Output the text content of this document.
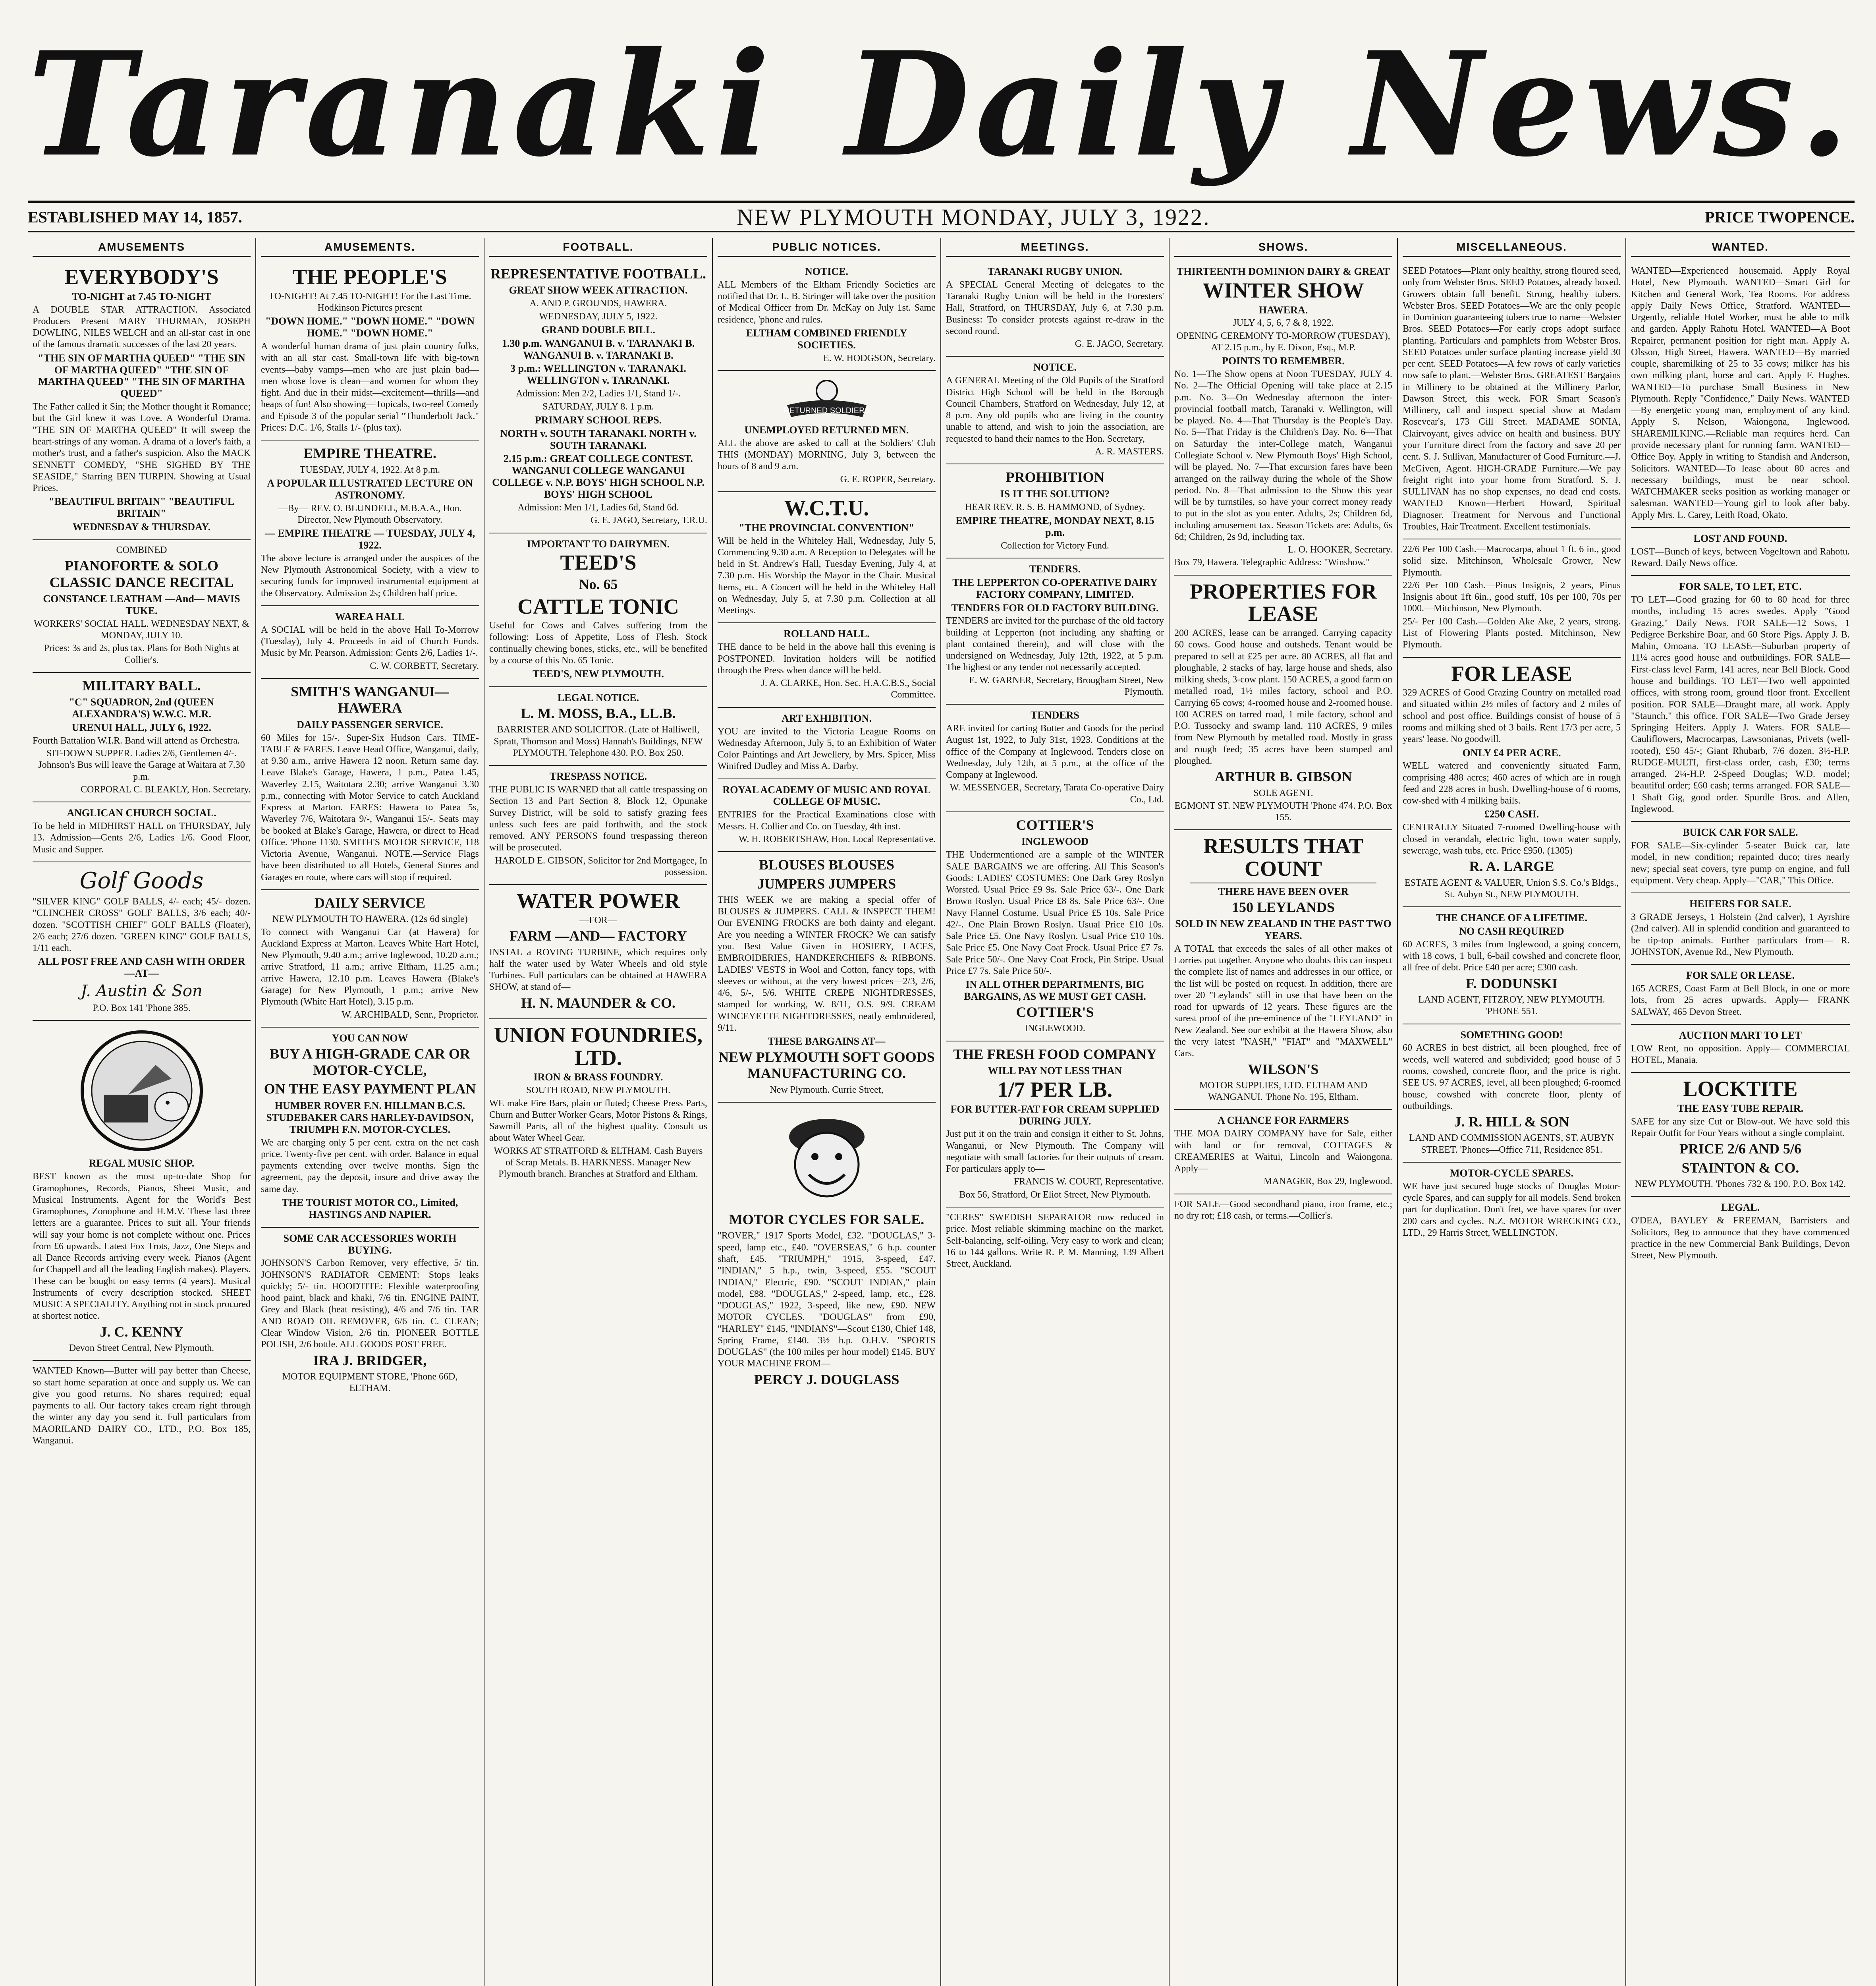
Taranaki Daily News.
ESTABLISHED MAY 14, 1857.	NEW PLYMOUTH MONDAY, JULY 3, 1922.	PRICE TWOPENCE.
AMUSEMENTS
EVERYBODY'S
TO-NIGHT at 7.45 TO-NIGHT
A DOUBLE STAR ATTRACTION. Associated Producers Present MARY THURMAN, JOSEPH DOWLING, NILES WELCH and an all-star cast in one of the famous dramatic successes of the last 20 years.
"THE SIN OF MARTHA QUEED" "THE SIN OF MARTHA QUEED" "THE SIN OF MARTHA QUEED" "THE SIN OF MARTHA QUEED"
The Father called it Sin; the Mother thought it Romance; but the Girl knew it was Love. A Wonderful Drama. "THE SIN OF MARTHA QUEED" It will sweep the heart-strings of any woman. A drama of a lover's faith, a mother's trust, and a father's suspicion. Also the MACK SENNETT COMEDY, "SHE SIGHED BY THE SEASIDE," Starring BEN TURPIN. Showing at Usual Prices.
"BEAUTIFUL BRITAIN" "BEAUTIFUL BRITAIN"
WEDNESDAY & THURSDAY.
COMBINED
PIANOFORTE & SOLO CLASSIC DANCE RECITAL
CONSTANCE LEATHAM —And— MAVIS TUKE.
WORKERS' SOCIAL HALL. WEDNESDAY NEXT, & MONDAY, JULY 10.
Prices: 3s and 2s, plus tax. Plans for Both Nights at Collier's.
MILITARY BALL.
"C" SQUADRON, 2nd (QUEEN ALEXANDRA'S) W.W.C. M.R.
URENUI HALL, JULY 6, 1922.
Fourth Battalion W.I.R. Band will attend as Orchestra.
SIT-DOWN SUPPER. Ladies 2/6, Gentlemen 4/-. Johnson's Bus will leave the Garage at Waitara at 7.30 p.m.
CORPORAL C. BLEAKLY, Hon. Secretary.
ANGLICAN CHURCH SOCIAL.
To be held in MIDHIRST HALL on THURSDAY, July 13. Admission—Gents 2/6, Ladies 1/6. Good Floor, Music and Supper.
Golf Goods
"SILVER KING" GOLF BALLS, 4/- each; 45/- dozen. "CLINCHER CROSS" GOLF BALLS, 3/6 each; 40/- dozen. "SCOTTISH CHIEF" GOLF BALLS (Floater), 2/6 each; 27/6 dozen. "GREEN KING" GOLF BALLS, 1/11 each.
ALL POST FREE AND CASH WITH ORDER —AT—
J. Austin & Son
P.O. Box 141 'Phone 385.
REGAL MUSIC SHOP.
BEST known as the most up-to-date Shop for Gramophones, Records, Pianos, Sheet Music, and Musical Instruments. Agent for the World's Best Gramophones, Zonophone and H.M.V. These last three letters are a guarantee. Prices to suit all. Your friends will say your home is not complete without one. Prices from £6 upwards. Latest Fox Trots, Jazz, One Steps and all Dance Records arriving every week. Pianos (Agent for Chappell and all the leading English makes). Players. These can be bought on easy terms (4 years). Musical Instruments of every description stocked. SHEET MUSIC A SPECIALITY. Anything not in stock procured at shortest notice.
J. C. KENNY
Devon Street Central, New Plymouth.
WANTED Known—Butter will pay better than Cheese, so start home separation at once and supply us. We can give you good returns. No shares required; equal payments to all. Our factory takes cream right through the winter any day you send it. Full particulars from MAORILAND DAIRY CO., LTD., P.O. Box 185, Wanganui.
AMUSEMENTS.
THE PEOPLE'S
TO-NIGHT! At 7.45 TO-NIGHT! For the Last Time. Hodkinson Pictures present
"DOWN HOME." "DOWN HOME." "DOWN HOME." "DOWN HOME."
A wonderful human drama of just plain country folks, with an all star cast. Small-town life with big-town events—baby vamps—men who are just plain bad—men whose love is clean—and women for whom they fight. And due in their midst—excitement—thrills—and heaps of fun! Also showing—Topicals, two-reel Comedy and Episode 3 of the popular serial "Thunderbolt Jack." Prices: D.C. 1/6, Stalls 1/- (plus tax).
EMPIRE THEATRE.
TUESDAY, JULY 4, 1922. At 8 p.m.
A POPULAR ILLUSTRATED LECTURE ON ASTRONOMY.
—By— REV. O. BLUNDELL, M.B.A.A., Hon. Director, New Plymouth Observatory.
— EMPIRE THEATRE — TUESDAY, JULY 4, 1922.
The above lecture is arranged under the auspices of the New Plymouth Astronomical Society, with a view to securing funds for improved instrumental equipment at the Observatory. Admission 2s; Children half price.
WAREA HALL
A SOCIAL will be held in the above Hall To-Morrow (Tuesday), July 4. Proceeds in aid of Church Funds. Music by Mr. Pearson. Admission: Gents 2/6, Ladies 1/-.
C. W. CORBETT, Secretary.
SMITH'S WANGANUI—HAWERA
DAILY PASSENGER SERVICE.
60 Miles for 15/-. Super-Six Hudson Cars. TIME-TABLE & FARES. Leave Head Office, Wanganui, daily, at 9.30 a.m., arrive Hawera 12 noon. Return same day. Leave Blake's Garage, Hawera, 1 p.m., Patea 1.45, Waverley 2.15, Waitotara 2.30; arrive Wanganui 3.30 p.m., connecting with Motor Service to catch Auckland Express at Marton. FARES: Hawera to Patea 5s, Waverley 7/6, Waitotara 9/-, Wanganui 15/-. Seats may be booked at Blake's Garage, Hawera, or direct to Head Office. 'Phone 1130. SMITH'S MOTOR SERVICE, 118 Victoria Avenue, Wanganui. NOTE.—Service Flags have been distributed to all Hotels, General Stores and Garages en route, where cars will stop if required.
DAILY SERVICE
NEW PLYMOUTH TO HAWERA. (12s 6d single)
To connect with Wanganui Car (at Hawera) for Auckland Express at Marton. Leaves White Hart Hotel, New Plymouth, 9.40 a.m.; arrive Inglewood, 10.20 a.m.; arrive Stratford, 11 a.m.; arrive Eltham, 11.25 a.m.; arrive Hawera, 12.10 p.m. Leaves Hawera (Blake's Garage) for New Plymouth, 1 p.m.; arrive New Plymouth (White Hart Hotel), 3.15 p.m.
W. ARCHIBALD, Senr., Proprietor.
YOU CAN NOW
BUY A HIGH-GRADE CAR OR MOTOR-CYCLE,
ON THE EASY PAYMENT PLAN
HUMBER ROVER F.N. HILLMAN B.C.S. STUDEBAKER CARS HARLEY-DAVIDSON, TRIUMPH F.N. MOTOR-CYCLES.
We are charging only 5 per cent. extra on the net cash price. Twenty-five per cent. with order. Balance in equal payments extending over twelve months. Sign the agreement, pay the deposit, insure and drive away the same day.
THE TOURIST MOTOR CO., Limited, HASTINGS AND NAPIER.
SOME CAR ACCESSORIES WORTH BUYING.
JOHNSON'S Carbon Remover, very effective, 5/ tin. JOHNSON'S RADIATOR CEMENT: Stops leaks quickly; 5/- tin. HOODTITE: Flexible waterproofing hood paint, black and khaki, 7/6 tin. ENGINE PAINT, Grey and Black (heat resisting), 4/6 and 7/6 tin. TAR AND ROAD OIL REMOVER, 6/6 tin. C. CLEAN; Clear Window Vision, 2/6 tin. PIONEER BOTTLE POLISH, 2/6 bottle. ALL GOODS POST FREE.
IRA J. BRIDGER,
MOTOR EQUIPMENT STORE, 'Phone 66D, ELTHAM.
FOOTBALL.
REPRESENTATIVE FOOTBALL.
GREAT SHOW WEEK ATTRACTION.
A. AND P. GROUNDS, HAWERA.
WEDNESDAY, JULY 5, 1922.
GRAND DOUBLE BILL.
1.30 p.m. WANGANUI B. v. TARANAKI B. WANGANUI B. v. TARANAKI B.
3 p.m.: WELLINGTON v. TARANAKI. WELLINGTON v. TARANAKI.
Admission: Men 2/2, Ladies 1/1, Stand 1/-.
SATURDAY, JULY 8. 1 p.m.
PRIMARY SCHOOL REPS.
NORTH v. SOUTH TARANAKI. NORTH v. SOUTH TARANAKI.
2.15 p.m.: GREAT COLLEGE CONTEST. WANGANUI COLLEGE WANGANUI COLLEGE v. N.P. BOYS' HIGH SCHOOL N.P. BOYS' HIGH SCHOOL
Admission: Men 1/1, Ladies 6d, Stand 6d.
G. E. JAGO, Secretary, T.R.U.
IMPORTANT TO DAIRYMEN.
TEED'S
No. 65
CATTLE TONIC
Useful for Cows and Calves suffering from the following: Loss of Appetite, Loss of Flesh. Stock continually chewing bones, sticks, etc., will be benefited by a course of this No. 65 Tonic.
TEED'S, NEW PLYMOUTH.
LEGAL NOTICE.
L. M. MOSS, B.A., LL.B.
BARRISTER AND SOLICITOR. (Late of Halliwell, Spratt, Thomson and Moss) Hannah's Buildings, NEW PLYMOUTH. Telephone 430. P.O. Box 250.
TRESPASS NOTICE.
THE PUBLIC IS WARNED that all cattle trespassing on Section 13 and Part Section 8, Block 12, Opunake Survey District, will be sold to satisfy grazing fees unless such fees are paid forthwith, and the stock removed. ANY PERSONS found trespassing thereon will be prosecuted.
HAROLD E. GIBSON, Solicitor for 2nd Mortgagee, In possession.
WATER POWER
—FOR—
FARM —AND— FACTORY
INSTAL a ROVING TURBINE, which requires only half the water used by Water Wheels and old style Turbines. Full particulars can be obtained at HAWERA SHOW, at stand of—
H. N. MAUNDER & CO.
UNION FOUNDRIES, LTD.
IRON & BRASS FOUNDRY.
SOUTH ROAD, NEW PLYMOUTH.
WE make Fire Bars, plain or fluted; Cheese Press Parts, Churn and Butter Worker Gears, Motor Pistons & Rings, Sawmill Parts, all of the highest quality. Consult us about Water Wheel Gear.
WORKS AT STRATFORD & ELTHAM. Cash Buyers of Scrap Metals. B. HARKNESS. Manager New Plymouth branch. Branches at Stratford and Eltham.
PUBLIC NOTICES.
NOTICE.
ALL Members of the Eltham Friendly Societies are notified that Dr. L. B. Stringer will take over the position of Medical Officer from Dr. McKay on July 1st. Same residence, 'phone and rules.
ELTHAM COMBINED FRIENDLY SOCIETIES.
E. W. HODGSON, Secretary.
RETURNED SOLDIERS
UNEMPLOYED RETURNED MEN.
ALL the above are asked to call at the Soldiers' Club THIS (MONDAY) MORNING, July 3, between the hours of 8 and 9 a.m.
G. E. ROPER, Secretary.
W.C.T.U.
"THE PROVINCIAL CONVENTION"
Will be held in the Whiteley Hall, Wednesday, July 5, Commencing 9.30 a.m. A Reception to Delegates will be held in St. Andrew's Hall, Tuesday Evening, July 4, at 7.30 p.m. His Worship the Mayor in the Chair. Musical Items, etc. A Concert will be held in the Whiteley Hall on Wednesday, July 5, at 7.30 p.m. Collection at all Meetings.
ROLLAND HALL.
THE dance to be held in the above hall this evening is POSTPONED. Invitation holders will be notified through the Press when dance will be held.
J. A. CLARKE, Hon. Sec. H.A.C.B.S., Social Committee.
ART EXHIBITION.
YOU are invited to the Victoria League Rooms on Wednesday Afternoon, July 5, to an Exhibition of Water Color Paintings and Art Jewellery, by Mrs. Spicer, Miss Winifred Dudley and Miss A. Darby.
ROYAL ACADEMY OF MUSIC AND ROYAL COLLEGE OF MUSIC.
ENTRIES for the Practical Examinations close with Messrs. H. Collier and Co. on Tuesday, 4th inst.
W. H. ROBERTSHAW, Hon. Local Representative.
BLOUSES BLOUSES
JUMPERS JUMPERS
THIS WEEK we are making a special offer of BLOUSES & JUMPERS. CALL & INSPECT THEM! Our EVENING FROCKS are both dainty and elegant. Are you needing a WINTER FROCK? We can satisfy you. Best Value Given in HOSIERY, LACES, EMBROIDERIES, HANDKERCHIEFS & RIBBONS. LADIES' VESTS in Wool and Cotton, fancy tops, with sleeves or without, at the very lowest prices—2/3, 2/6, 4/6, 5/-, 5/6. WHITE CREPE NIGHTDRESSES, stamped for working, W. 8/11, O.S. 9/9. CREAM WINCEYETTE NIGHTDRESSES, neatly embroidered, 9/11.
THESE BARGAINS AT—
NEW PLYMOUTH SOFT GOODS MANUFACTURING CO.
New Plymouth. Currie Street,
MOTOR CYCLES FOR SALE.
"ROVER," 1917 Sports Model, £32. "DOUGLAS," 3-speed, lamp etc., £40. "OVERSEAS," 6 h.p. counter shaft, £45. "TRIUMPH," 1915, 3-speed, £47. "INDIAN," 5 h.p., twin, 3-speed, £55. "SCOUT INDIAN," Electric, £90. "SCOUT INDIAN," plain model, £88. "DOUGLAS," 2-speed, lamp, etc., £28. "DOUGLAS," 1922, 3-speed, like new, £90. NEW MOTOR CYCLES. "DOUGLAS" from £90, "HARLEY" £145, "INDIANS"—Scout £130, Chief 148, Spring Frame, £140. 3½ h.p. O.H.V. "SPORTS DOUGLAS" (the 100 miles per hour model) £145. BUY YOUR MACHINE FROM—
PERCY J. DOUGLASS
MEETINGS.
TARANAKI RUGBY UNION.
A SPECIAL General Meeting of delegates to the Taranaki Rugby Union will be held in the Foresters' Hall, Stratford, on THURSDAY, July 6, at 7.30 p.m. Business: To consider protests against re-draw in the second round.
G. E. JAGO, Secretary.
NOTICE.
A GENERAL Meeting of the Old Pupils of the Stratford District High School will be held in the Borough Council Chambers, Stratford on Wednesday, July 12, at 8 p.m. Any old pupils who are living in the country unable to attend, and wish to join the association, are requested to hand their names to the Hon. Secretary,
A. R. MASTERS.
PROHIBITION
IS IT THE SOLUTION?
HEAR REV. R. S. B. HAMMOND, of Sydney.
EMPIRE THEATRE, MONDAY NEXT, 8.15 p.m.
Collection for Victory Fund.
TENDERS.
THE LEPPERTON CO-OPERATIVE DAIRY FACTORY COMPANY, LIMITED.
TENDERS FOR OLD FACTORY BUILDING.
TENDERS are invited for the purchase of the old factory building at Lepperton (not including any shafting or plant contained therein), and will close with the undersigned on Wednesday, July 12th, 1922, at 5 p.m. The highest or any tender not necessarily accepted.
E. W. GARNER, Secretary, Brougham Street, New Plymouth.
TENDERS
ARE invited for carting Butter and Goods for the period August 1st, 1922, to July 31st, 1923. Conditions at the office of the Company at Inglewood. Tenders close on Wednesday, July 12th, at 5 p.m., at the office of the Company at Inglewood.
W. MESSENGER, Secretary, Tarata Co-operative Dairy Co., Ltd.
COTTIER'S
INGLEWOOD
THE Undermentioned are a sample of the WINTER SALE BARGAINS we are offering. All This Season's Goods: LADIES' COSTUMES: One Dark Grey Roslyn Worsted. Usual Price £9 9s. Sale Price 63/-. One Dark Brown Roslyn. Usual Price £8 8s. Sale Price 63/-. One Navy Flannel Costume. Usual Price £5 10s. Sale Price 42/-. One Plain Brown Roslyn. Usual Price £10 10s. Sale Price £5. One Navy Roslyn. Usual Price £10 10s. Sale Price £5. One Navy Coat Frock. Usual Price £7 7s. Sale Price 50/-. One Navy Coat Frock, Pin Stripe. Usual Price £7 7s. Sale Price 50/-.
IN ALL OTHER DEPARTMENTS, BIG BARGAINS, AS WE MUST GET CASH.
COTTIER'S
INGLEWOOD.
THE FRESH FOOD COMPANY
WILL PAY NOT LESS THAN
1/7 PER LB.
FOR BUTTER-FAT FOR CREAM SUPPLIED DURING JULY.
Just put it on the train and consign it either to St. Johns, Wanganui, or New Plymouth. The Company will negotiate with small factories for their outputs of cream. For particulars apply to—
FRANCIS W. COURT, Representative.
Box 56, Stratford, Or Eliot Street, New Plymouth.
"CERES" SWEDISH SEPARATOR now reduced in price. Most reliable skimming machine on the market. Self-balancing, self-oiling. Very easy to work and clean; 16 to 144 gallons. Write R. P. M. Manning, 139 Albert Street, Auckland.
SHOWS.
THIRTEENTH DOMINION DAIRY & GREAT
WINTER SHOW
HAWERA.
JULY 4, 5, 6, 7 & 8, 1922.
OPENING CEREMONY TO-MORROW (TUESDAY), AT 2.15 p.m., by E. Dixon, Esq., M.P.
POINTS TO REMEMBER.
No. 1—The Show opens at Noon TUESDAY, JULY 4. No. 2—The Official Opening will take place at 2.15 p.m. No. 3—On Wednesday afternoon the inter-provincial football match, Taranaki v. Wellington, will be played. No. 4—That Thursday is the People's Day. No. 5—That Friday is the Children's Day. No. 6—That on Saturday the inter-College match, Wanganui Collegiate School v. New Plymouth Boys' High School, will be played. No. 7—That excursion fares have been arranged on the railway during the whole of the Show period. No. 8—That admission to the Show this year will be by turnstiles, so have your correct money ready to put in the slot as you enter. Adults, 2s; Children 6d, including amusement tax. Season Tickets are: Adults, 6s 6d; Children, 2s 9d, including tax.
L. O. HOOKER, Secretary.
Box 79, Hawera. Telegraphic Address: "Winshow."
PROPERTIES FOR LEASE
200 ACRES, lease can be arranged. Carrying capacity 60 cows. Good house and outsheds. Tenant would be prepared to sell at £25 per acre. 80 ACRES, all flat and ploughable, 2 stacks of hay, large house and sheds, also milking sheds, 3-cow plant. 150 ACRES, a good farm on metalled road, 1½ miles factory, school and P.O. Carrying 65 cows; 4-roomed house and 2-roomed house. 100 ACRES on tarred road, 1 mile factory, school and P.O. Tussocky and swamp land. 110 ACRES, 9 miles from New Plymouth by metalled road. Mostly in grass and rough feed; 35 acres have been stumped and ploughed.
ARTHUR B. GIBSON
SOLE AGENT.
EGMONT ST. NEW PLYMOUTH 'Phone 474. P.O. Box 155.
RESULTS THAT COUNT
THERE HAVE BEEN OVER
150 LEYLANDS
SOLD IN NEW ZEALAND IN THE PAST TWO YEARS.
A TOTAL that exceeds the sales of all other makes of Lorries put together. Anyone who doubts this can inspect the complete list of names and addresses in our office, or the list will be posted on request. In addition, there are over 20 "Leylands" still in use that have been on the road for upwards of 12 years. These figures are the surest proof of the pre-eminence of the "LEYLAND" in New Zealand. See our exhibit at the Hawera Show, also the very latest "NASH," "FIAT" and "MAXWELL" Cars.
WILSON'S
MOTOR SUPPLIES, LTD. ELTHAM AND WANGANUI. 'Phone No. 195, Eltham.
A CHANCE FOR FARMERS
THE MOA DAIRY COMPANY have for Sale, either with land or for removal, COTTAGES & CREAMERIES at Waitui, Lincoln and Waiongona. Apply—
MANAGER, Box 29, Inglewood.
FOR SALE—Good secondhand piano, iron frame, etc.; no dry rot; £18 cash, or terms.—Collier's.
MISCELLANEOUS.
SEED Potatoes—Plant only healthy, strong floured seed, only from Webster Bros. SEED Potatoes, already boxed. Growers obtain full benefit. Strong, healthy tubers. Webster Bros. SEED Potatoes—We are the only people in Dominion guaranteeing tubers true to name—Webster Bros. SEED Potatoes—For early crops adopt surface planting. Particulars and pamphlets from Webster Bros. SEED Potatoes under surface planting increase yield 30 per cent. SEED Potatoes—A few rows of early varieties now safe to plant.—Webster Bros. GREATEST Bargains in Millinery to be obtained at the Millinery Parlor, Dawson Street, this week. FOR Smart Season's Millinery, call and inspect special show at Madam Rosevear's, 173 Gill Street. MADAME SONIA, Clairvoyant, gives advice on health and business. BUY your Furniture direct from the factory and save 20 per cent. S. J. Sullivan, Manufacturer of Good Furniture.—J. McGiven, Agent. HIGH-GRADE Furniture.—We pay freight right into your home from Stratford. S. J. SULLIVAN has no shop expenses, no dead end costs. WANTED Known—Herbert Howard, Spiritual Diagnoser. Treatment for Nervous and Functional Troubles, Hair Treatment. Excellent testimonials.
22/6 Per 100 Cash.—Macrocarpa, about 1 ft. 6 in., good solid size. Mitchinson, Wholesale Grower, New Plymouth.
22/6 Per 100 Cash.—Pinus Insignis, 2 years, Pinus Insignis about 1ft 6in., good stuff, 10s per 100, 70s per 1000.—Mitchinson, New Plymouth.
25/- Per 100 Cash.—Golden Ake Ake, 2 years, strong. List of Flowering Plants posted. Mitchinson, New Plymouth.
FOR LEASE
329 ACRES of Good Grazing Country on metalled road and situated within 2½ miles of factory and 2 miles of school and post office. Buildings consist of house of 5 rooms and milking shed of 3 bails. Rent 17/3 per acre, 5 years' lease. No goodwill.
ONLY £4 PER ACRE.
WELL watered and conveniently situated Farm, comprising 488 acres; 460 acres of which are in rough feed and 228 acres in bush. Dwelling-house of 6 rooms, cow-shed with 4 milking bails.
£250 CASH.
CENTRALLY Situated 7-roomed Dwelling-house with closed in verandah, electric light, town water supply, sewerage, wash tubs, etc. Price £950. (1305)
R. A. LARGE
ESTATE AGENT & VALUER, Union S.S. Co.'s Bldgs., St. Aubyn St., NEW PLYMOUTH.
THE CHANCE OF A LIFETIME.
NO CASH REQUIRED
60 ACRES, 3 miles from Inglewood, a going concern, with 18 cows, 1 bull, 6-bail cowshed and concrete floor, all free of debt. Price £40 per acre; £300 cash.
F. DODUNSKI
LAND AGENT, FITZROY, NEW PLYMOUTH. 'PHONE 551.
SOMETHING GOOD!
60 ACRES in best district, all been ploughed, free of weeds, well watered and subdivided; good house of 5 rooms, cowshed, concrete floor, and the price is right. SEE US. 97 ACRES, level, all been ploughed; 6-roomed house, cowshed with concrete floor, plenty of outbuildings.
J. R. HILL & SON
LAND AND COMMISSION AGENTS, ST. AUBYN STREET. 'Phones—Office 711, Residence 851.
MOTOR-CYCLE SPARES.
WE have just secured huge stocks of Douglas Motor-cycle Spares, and can supply for all models. Send broken part for duplication. Don't fret, we have spares for over 200 cars and cycles. N.Z. MOTOR WRECKING CO., LTD., 29 Harris Street, WELLINGTON.
WANTED.
WANTED—Experienced housemaid. Apply Royal Hotel, New Plymouth. WANTED—Smart Girl for Kitchen and General Work, Tea Rooms. For address apply Daily News Office, Stratford. WANTED—Urgently, reliable Hotel Worker, must be able to milk and garden. Apply Rahotu Hotel. WANTED—A Boot Repairer, permanent position for right man. Apply A. Olsson, High Street, Hawera. WANTED—By married couple, sharemilking of 25 to 35 cows; milker has his own milking plant, horse and cart. Apply F. Hughes. WANTED—To purchase Small Business in New Plymouth. Reply "Confidence," Daily News. WANTED—By energetic young man, employment of any kind. Apply S. Nelson, Waiongona, Inglewood. SHAREMILKING.—Reliable man requires herd. Can provide necessary plant for running farm. WANTED—Office Boy. Apply in writing to Standish and Anderson, Solicitors. WANTED—To lease about 80 acres and necessary buildings, must be near school. WATCHMAKER seeks position as working manager or salesman. WANTED—Young girl to look after baby. Apply Mrs. L. Carey, Leith Road, Okato.
LOST AND FOUND.
LOST—Bunch of keys, between Vogeltown and Rahotu. Reward. Daily News office.
FOR SALE, TO LET, ETC.
TO LET—Good grazing for 60 to 80 head for three months, including 15 acres swedes. Apply "Good Grazing," Daily News. FOR SALE—12 Sows, 1 Pedigree Berkshire Boar, and 60 Store Pigs. Apply J. B. Mahin, Omoana. TO LEASE—Suburban property of 11¼ acres good house and outbuildings. FOR SALE—First-class level Farm, 141 acres, near Bell Block. Good house and buildings. TO LET—Two well appointed offices, with strong room, ground floor front. Excellent position. FOR SALE—Draught mare, all work. Apply "Staunch," this office. FOR SALE—Two Grade Jersey Springing Heifers. Apply J. Waters. FOR SALE—Cauliflowers, Macrocarpas, Lawsonianas, Privets (well-rooted), £50 45/-; Giant Rhubarb, 7/6 dozen. 3½-H.P. RUDGE-MULTI, first-class order, cash, £30; terms arranged. 2¼-H.P. 2-Speed Douglas; W.D. model; beautiful order; £60 cash; terms arranged. FOR SALE—1 Shaft Gig, good order. Spurdle Bros. and Allen, Inglewood.
BUICK CAR FOR SALE.
FOR SALE—Six-cylinder 5-seater Buick car, late model, in new condition; repainted duco; tires nearly new; special seat covers, tyre pump on engine, and full equipment. Very cheap. Apply—"CAR," This Office.
HEIFERS FOR SALE.
3 GRADE Jerseys, 1 Holstein (2nd calver), 1 Ayrshire (2nd calver). All in splendid condition and guaranteed to be tip-top animals. Further particulars from— R. JOHNSTON, Avenue Rd., New Plymouth.
FOR SALE OR LEASE.
165 ACRES, Coast Farm at Bell Block, in one or more lots, from 25 acres upwards. Apply— FRANK SALWAY, 465 Devon Street.
AUCTION MART TO LET
LOW Rent, no opposition. Apply— COMMERCIAL HOTEL, Manaia.
LOCKTITE
THE EASY TUBE REPAIR.
SAFE for any size Cut or Blow-out. We have sold this Repair Outfit for Four Years without a single complaint.
PRICE 2/6 AND 5/6
STAINTON & CO.
NEW PLYMOUTH. 'Phones 732 & 190. P.O. Box 142.
LEGAL.
O'DEA, BAYLEY & FREEMAN, Barristers and Solicitors, Beg to announce that they have commenced practice in the new Commercial Bank Buildings, Devon Street, New Plymouth.
